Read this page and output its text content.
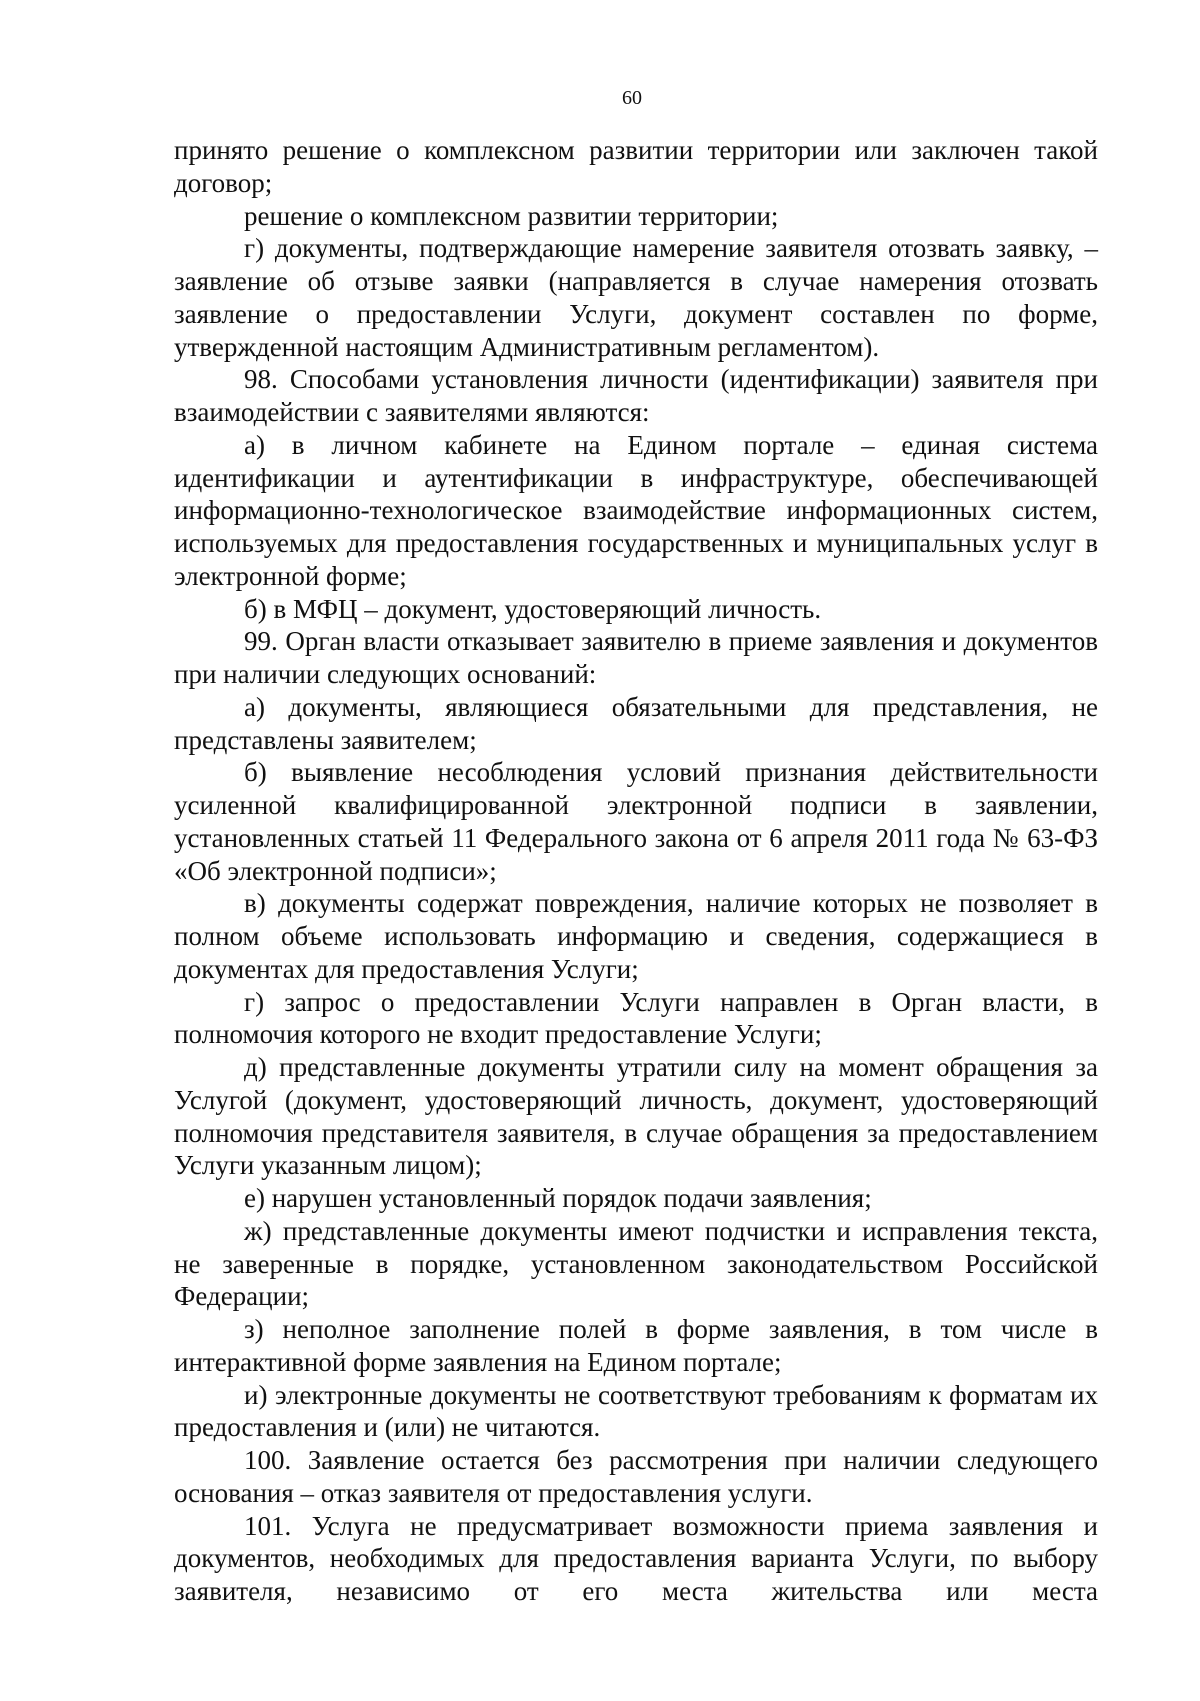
60

принято решение о комплексном развитии территории или заключен такой договор;

решение о комплексном развитии территории;

г) документы, подтверждающие намерение заявителя отозвать заявку, – заявление об отзыве заявки (направляется в случае намерения отозвать заявление о предоставлении Услуги, документ составлен по форме, утвержденной настоящим Административным регламентом).

98. Способами установления личности (идентификации) заявителя при взаимодействии с заявителями являются:

а) в личном кабинете на Едином портале – единая система идентификации и аутентификации в инфраструктуре, обеспечивающей информационно-технологическое взаимодействие информационных систем, используемых для предоставления государственных и муниципальных услуг в электронной форме;

б) в МФЦ – документ, удостоверяющий личность.

99. Орган власти отказывает заявителю в приеме заявления и документов при наличии следующих оснований:

а) документы, являющиеся обязательными для представления, не представлены заявителем;

б) выявление несоблюдения условий признания действительности усиленной квалифицированной электронной подписи в заявлении, установленных статьей 11 Федерального закона от 6 апреля 2011 года № 63-ФЗ «Об электронной подписи»;

в) документы содержат повреждения, наличие которых не позволяет в полном объеме использовать информацию и сведения, содержащиеся в документах для предоставления Услуги;

г) запрос о предоставлении Услуги направлен в Орган власти, в полномочия которого не входит предоставление Услуги;

д) представленные документы утратили силу на момент обращения за Услугой (документ, удостоверяющий личность, документ, удостоверяющий полномочия представителя заявителя, в случае обращения за предоставлением Услуги указанным лицом);

е) нарушен установленный порядок подачи заявления;

ж) представленные документы имеют подчистки и исправления текста, не заверенные в порядке, установленном законодательством Российской Федерации;

з) неполное заполнение полей в форме заявления, в том числе в интерактивной форме заявления на Едином портале;

и) электронные документы не соответствуют требованиям к форматам их предоставления и (или) не читаются.

100. Заявление остается без рассмотрения при наличии следующего основания – отказ заявителя от предоставления услуги.

101. Услуга не предусматривает возможности приема заявления и документов, необходимых для предоставления варианта Услуги, по выбору заявителя, независимо от его места жительства или места
